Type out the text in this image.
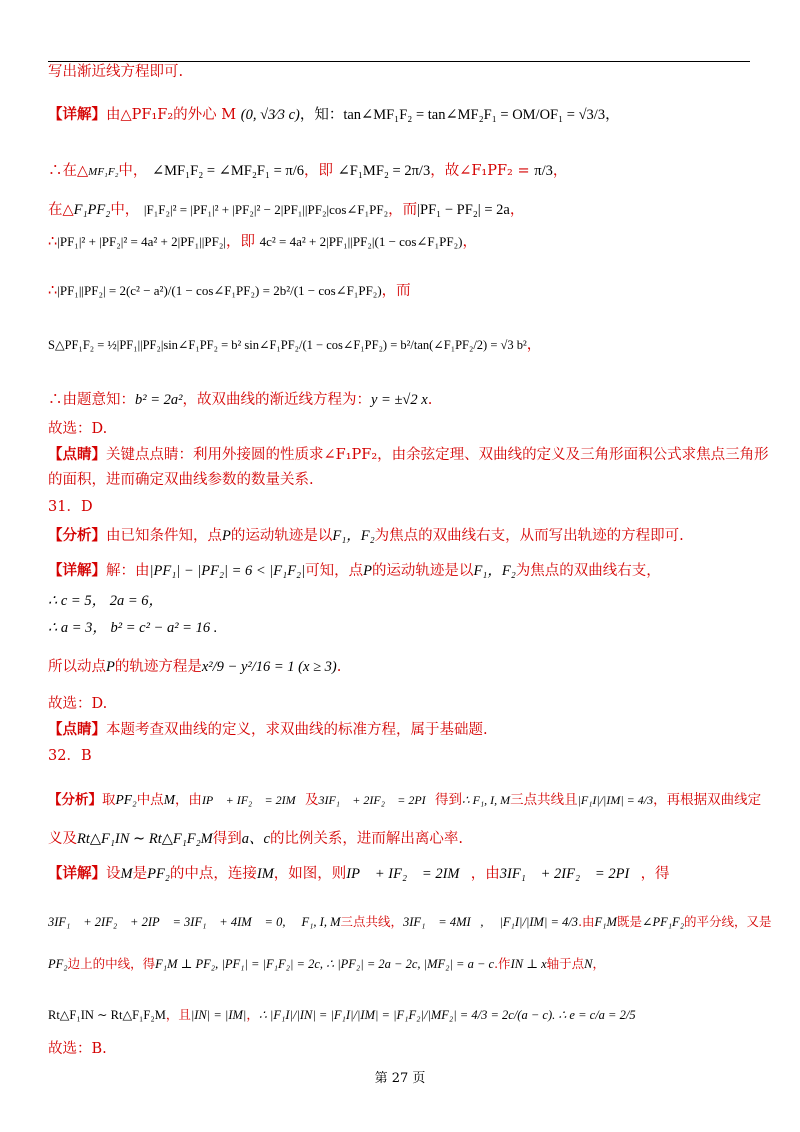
写出渐近线方程即可.
【详解】由△PF₁F₂的外心 M (0, √3⁄3 c)，知：tan∠MF₁F₂ = tan∠MF₂F₁ = OM/OF₁ = √3/3，
∴在△MF₁F₂中， ∠MF₁F₂ = ∠MF₂F₁ = π/6，即 ∠F₁MF₂ = 2π/3，故∠F₁PF₂ = π/3，
在△F₁PF₂中， |F₁F₂|² = |PF₁|² + |PF₂|² − 2|PF₁||PF₂|cos∠F₁PF₂，而|PF₁ − PF₂| = 2a，
∴|PF₁|² + |PF₂|² = 4a² + 2|PF₁||PF₂|，即 4c² = 4a² + 2|PF₁||PF₂|(1 − cos∠F₁PF₂)，
∴|PF₁||PF₂| = 2(c² − a²)/(1 − cos∠F₁PF₂) = 2b²/(1 − cos∠F₁PF₂)，而
S△PF₁F₂ = ½|PF₁||PF₂|sin∠F₁PF₂ = b² sin∠F₁PF₂/(1 − cos∠F₁PF₂) = b²/tan(∠F₁PF₂/2) = √3 b²，
∴由题意知：b² = 2a²，故双曲线的渐近线方程为：y = ±√2 x.
故选：D.
【点睛】关键点点睛：利用外接圆的性质求∠F₁PF₂，由余弦定理、双曲线的定义及三角形面积公式求焦点三角形
的面积，进而确定双曲线参数的数量关系.
31．D
【分析】由已知条件知，点P的运动轨迹是以F₁，F₂为焦点的双曲线右支，从而写出轨迹的方程即可.
【详解】解：由|PF₁| − |PF₂| = 6 < |F₁F₂|可知，点P的运动轨迹是以F₁，F₂为焦点的双曲线右支，
∴ c = 5， 2a = 6，
∴ a = 3， b² = c² − a² = 16 .
所以动点P的轨迹方程是x²/9 − y²/16 = 1 (x ≥ 3).
故选：D.
【点睛】本题考查双曲线的定义，求双曲线的标准方程，属于基础题.
32．B
【分析】取PF₂中点M，由IP⃗ + IF₂⃗ = 2IM⃗及3IF₁⃗ + 2IF₂⃗ = 2PI⃗得到∴ F₁, I, M三点共线且|F₁I|/|IM| = 4/3，再根据双曲线定
义及Rt△F₁IN ∼ Rt△F₁F₂M得到a、c的比例关系，进而解出离心率.
【详解】设M是PF₂的中点，连接IM，如图，则IP⃗ + IF₂⃗ = 2IM⃗，由3IF₁⃗ + 2IF₂⃗ = 2PI⃗，得
3IF₁⃗ + 2IF₂⃗ + 2IP⃗ = 3IF₁⃗ + 4IM⃗ = 0, ∴ F₁, I, M三点共线，3IF₁⃗ = 4MI⃗, ∴ |F₁I|/|IM| = 4/3.由F₁M既是∠PF₁F₂的平分线，又是
PF₂边上的中线，得F₁M ⊥ PF₂, |PF₁| = |F₁F₂| = 2c, ∴ |PF₂| = 2a − 2c, |MF₂| = a − c.作IN ⊥ x轴于点N，
Rt△F₁IN ∼ Rt△F₁F₂M，且|IN| = |IM|，∴ |F₁I|/|IN| = |F₁I|/|IM| = |F₁F₂|/|MF₂| = 4/3 = 2c/(a − c). ∴ e = c/a = 2/5
故选：B.
第 27 页
